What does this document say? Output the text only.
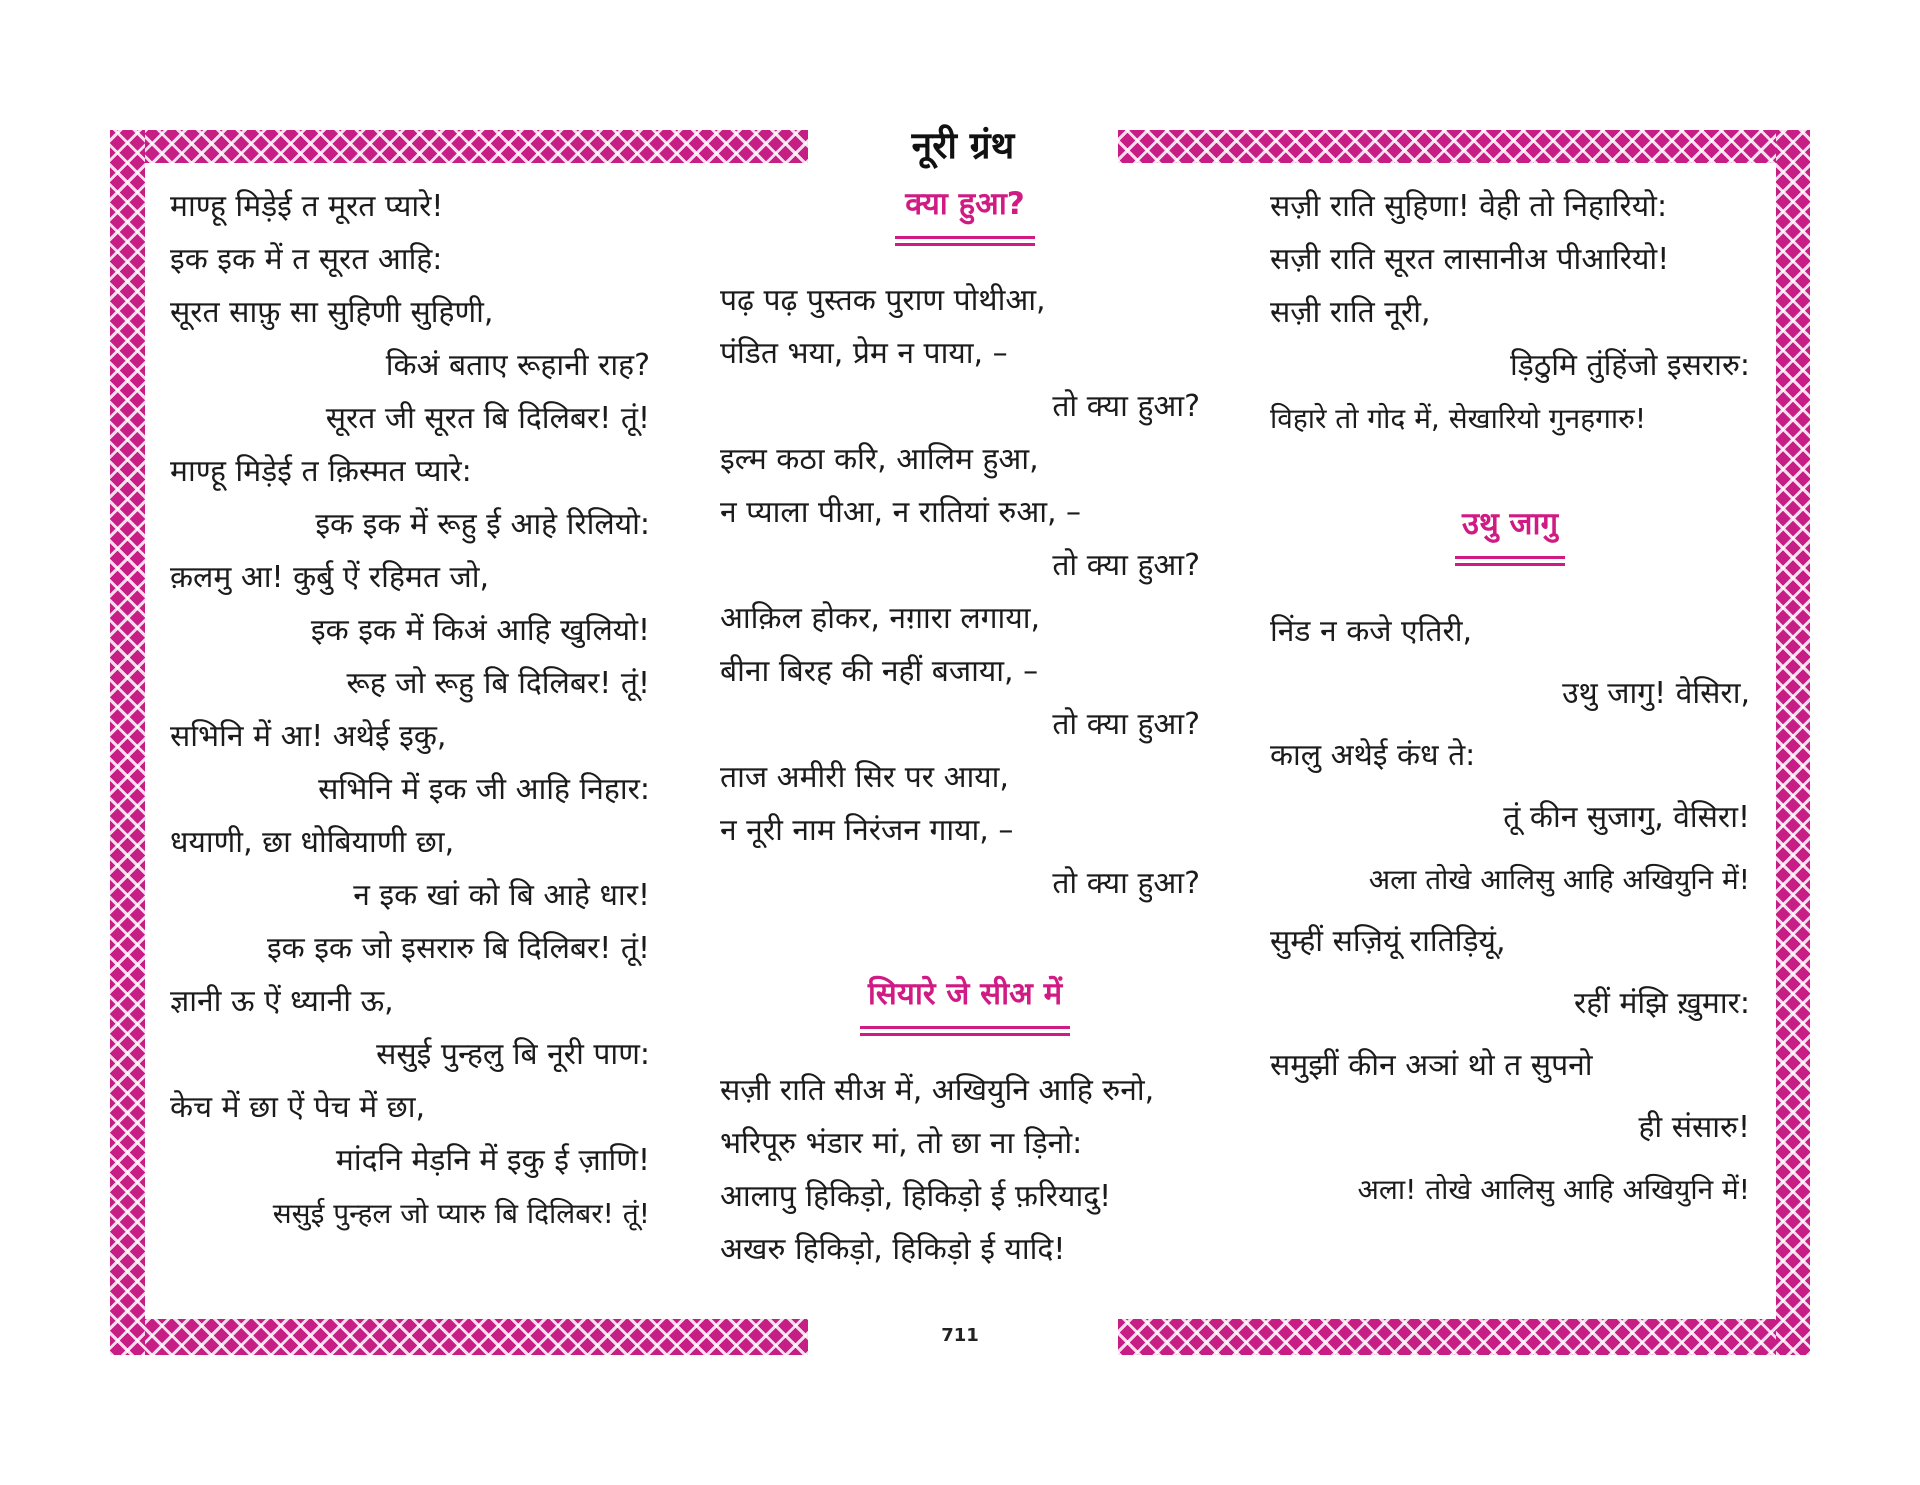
नूरी ग्रंथ
माण्हू मिड़ेई त मूरत प्यारे!
इक इक में त सूरत आहि:
सूरत साफ़ु सा सुहिणी सुहिणी,
किअं बताए रूहानी राह?
सूरत जी सूरत बि दिलिबर! तूं!
माण्हू मिड़ेई त क़िस्मत प्यारे:
इक इक में रूहु ई आहे रिलियो:
क़लमु आ! कुर्बु ऐं रहिमत जो,
इक इक में किअं आहि खुलियो!
रूह जो रूहु बि दिलिबर! तूं!
सभिनि में आ! अथेई इकु,
सभिनि में इक जी आहि निहार:
धयाणी, छा धोबियाणी छा,
न इक खां को बि आहे धार!
इक इक जो इसरारु बि दिलिबर! तूं!
ज्ञानी ऊ ऐं ध्यानी ऊ,
ससुई पुन्हलु बि नूरी पाण:
केच में छा ऐं पेच में छा,
मांदनि मेड़नि में इकु ई ज़ाणि!
ससुई पुन्हल जो प्यारु बि दिलिबर! तूं!
क्या हुआ?
पढ़ पढ़ पुस्तक पुराण पोथीआ,
पंडित भया, प्रेम न पाया, –
तो क्या हुआ?
इल्म कठा करि, आलिम हुआ,
न प्याला पीआ, न रातियां रुआ, –
तो क्या हुआ?
आक़िल होकर, नग़ारा लगाया,
बीना बिरह की नहीं बजाया, –
तो क्या हुआ?
ताज अमीरी सिर पर आया,
न नूरी नाम निरंजन गाया, –
तो क्या हुआ?
सियारे जे सीअ में
सज़ी राति सीअ में, अखियुनि आहि रुनो,
भरिपूरु भंडार मां, तो छा ना ड़िनो:
आलापु हिकिड़ो, हिकिड़ो ई फ़रियादु!
अखरु हिकिड़ो, हिकिड़ो ई यादि!
सज़ी राति सुहिणा! वेही तो निहारियो:
सज़ी राति सूरत लासानीअ पीआरियो!
सज़ी राति नूरी,
ड़िठुमि तुंहिंजो इसरारु:
विहारे तो गोद में, सेखारियो गुनहगारु!
उथु जागु
निंड न कजे एतिरी,
उथु जागु! वेसिरा,
कालु अथेई कंध ते:
तूं कीन सुजागु, वेसिरा!
अला तोखे आलिसु आहि अखियुनि में!
सुम्हीं सज़ियूं रातिड़ियूं,
रहीं मंझि ख़ुमार:
समुझीं कीन अञां थो त सुपनो
ही संसारु!
अला! तोखे आलिसु आहि अखियुनि में!
711
